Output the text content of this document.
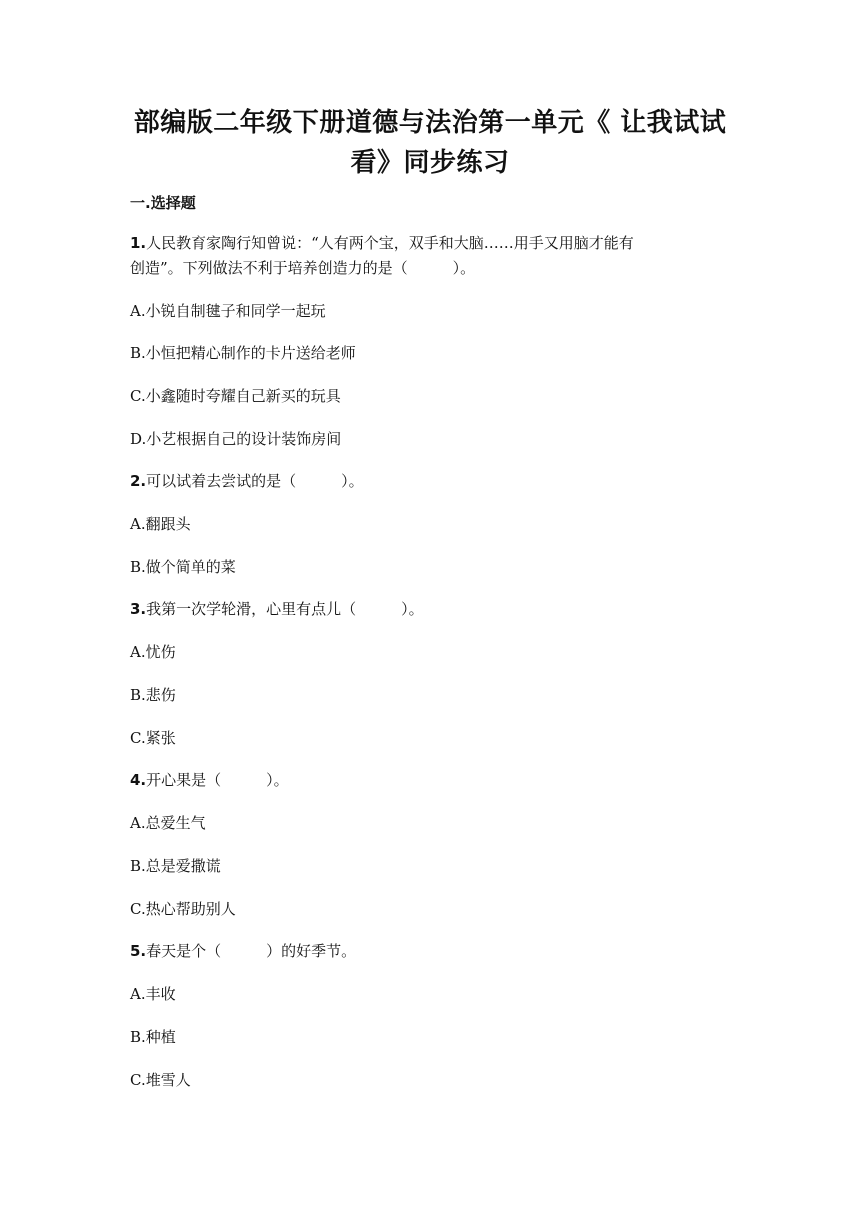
部编版二年级下册道德与法治第一单元《 让我试试
看》同步练习
一.选择题
1.人民教育家陶行知曾说：“人有两个宝，双手和大脑……用手又用脑才能有
创造”。下列做法不利于培养创造力的是（　　　）。
A.小锐自制毽子和同学一起玩
B.小恒把精心制作的卡片送给老师
C.小鑫随时夸耀自己新买的玩具
D.小艺根据自己的设计装饰房间
2.可以试着去尝试的是（　　　）。
A.翻跟头
B.做个简单的菜
3.我第一次学轮滑，心里有点儿（　　　）。
A.忧伤
B.悲伤
C.紧张
4.开心果是（　　　）。
A.总爱生气
B.总是爱撒谎
C.热心帮助别人
5.春天是个（　　　）的好季节。
A.丰收
B.种植
C.堆雪人
